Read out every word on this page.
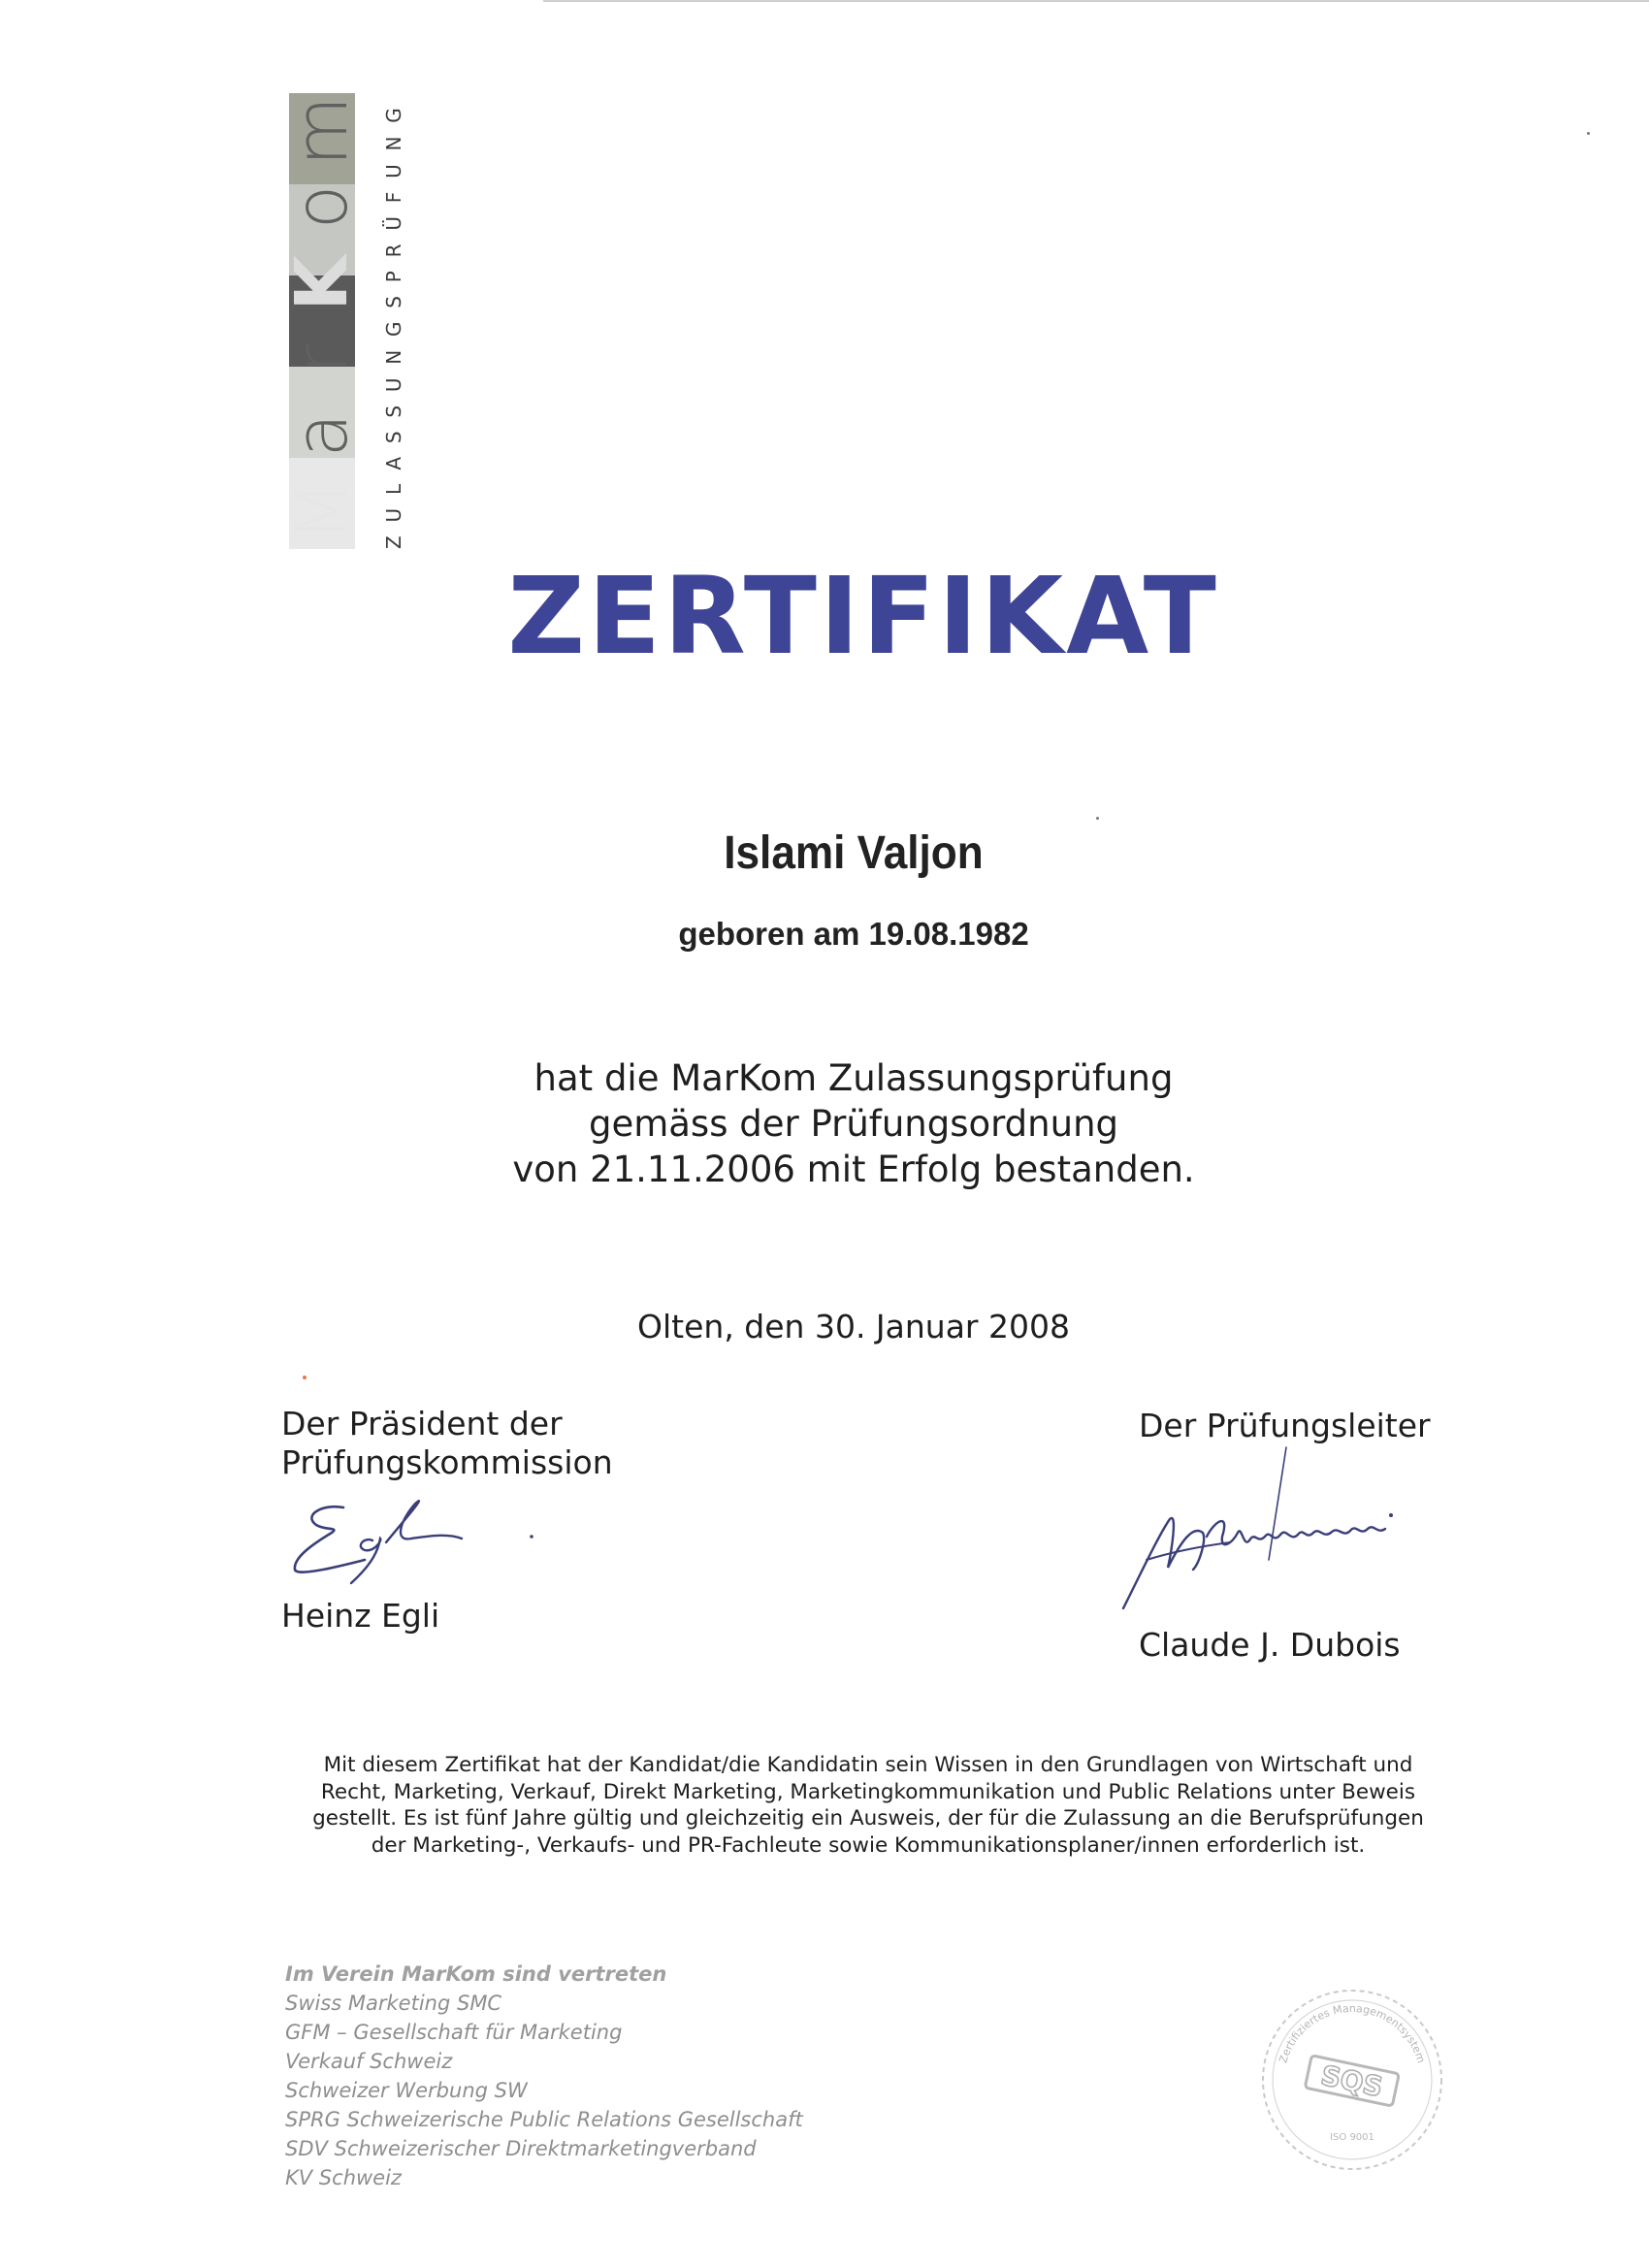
M
a
r
K
o
m ZULASSUNGSPRÜFUNG
ZERTIFIKAT
Islami Valjon
geboren am 19.08.1982
hat die MarKom Zulassungsprüfung
gemäss der Prüfungsordnung
von 21.11.2006 mit Erfolg bestanden.
Olten, den 30. Januar 2008
Der Präsident der
Prüfungskommission
Heinz Egli
Der Prüfungsleiter
Claude J. Dubois
Mit diesem Zertifikat hat der Kandidat/die Kandidatin sein Wissen in den Grundlagen von Wirtschaft und
Recht, Marketing, Verkauf, Direkt Marketing, Marketingkommunikation und Public Relations unter Beweis
gestellt. Es ist fünf Jahre gültig und gleichzeitig ein Ausweis, der für die Zulassung an die Berufsprüfungen
der Marketing-, Verkaufs- und PR-Fachleute sowie Kommunikationsplaner/innen erforderlich ist.
Im Verein MarKom sind vertreten
Swiss Marketing SMC
GFM – Gesellschaft für Marketing
Verkauf Schweiz
Schweizer Werbung SW
SPRG Schweizerische Public Relations Gesellschaft
SDV Schweizerischer Direktmarketingverband
KV Schweiz
Zertifiziertes Managementsystem
SQS
ISO 9001
